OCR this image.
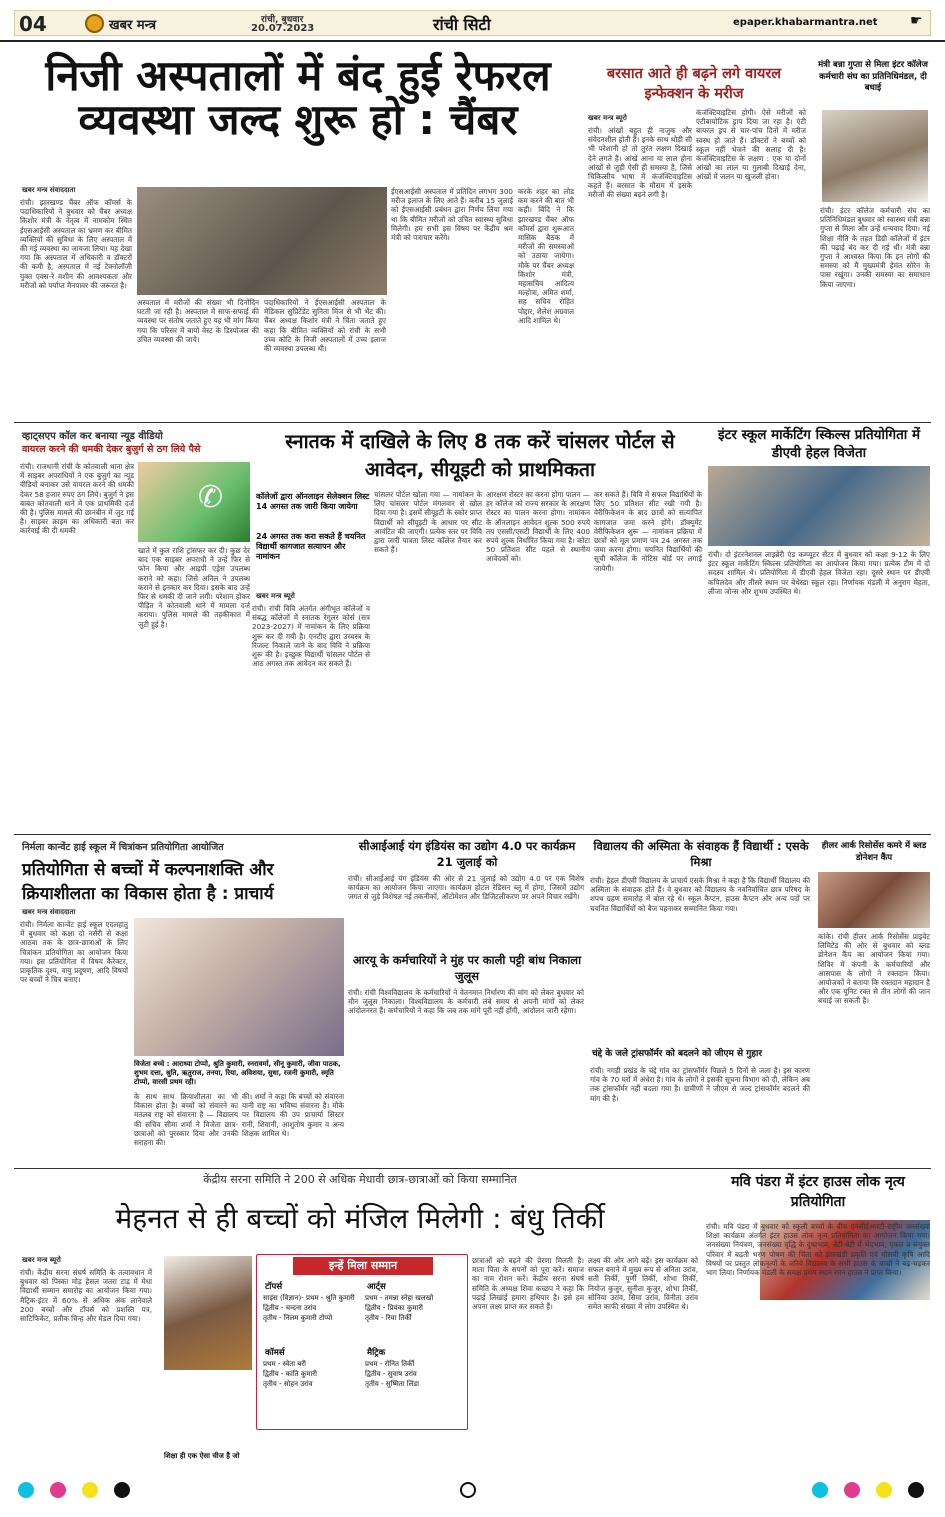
04	खबर मन्त्र	रांची, बुधवार
20.07.2023	रांची सिटी	epaper.khabarmantra.net ☛
निजी अस्पतालों में बंद हुई रेफरल व्यवस्था जल्द शुरू हो : चैंबर
खबर मन्त्र संवाददाता
रांची। झारखण्ड चैंबर ऑफ कॉमर्स के पदाधिकारियों ने बुधवार को चैंबर अध्यक्ष किशोर मंत्री के नेतृत्व में नामकोम स्थित ईएसआईसी अस्पताल का भ्रमण कर बीमित व्यक्तियों की सुविधा के लिए अस्पताल में की गई व्यवस्था का जायजा लिया। यह देखा गया कि अस्पताल में अधिकारी व डॉक्टरों की कमी है, अस्पताल में नई टेक्नोलॉजी युक्त एक्स-रे मशीन की आवश्यकता और मरीजों को पर्याप्त मैनपावर की जरूरत है।
अस्पताल में मरीजों की संख्या भी दिनोंदिन घटती जा रही है। अस्पताल में साफ-सफाई की व्यवस्था पर संतोष जताते हुए यह भी मांग किया गया कि परिसर में बायो वेस्ट के डिस्पोजल की उचित व्यवस्था की जाये।
पदाधिकारियों ने ईएसआईसी अस्पताल के मेडिकल सुप्रिटेंडेंट सुनिता मिंज से भी भेंट की। चैंबर अध्यक्ष किशोर मंत्री ने चिंता जताते हुए कहा कि बीमित व्यक्तियों को रांची के सभी उच्च कोटि के निजी अस्पतालों में उच्च इलाज की व्यवस्था उपलब्ध थी।
ईएसआईसी अस्पताल में प्रतिदिन लगभग 300 मरीज इलाज के लिए आते हैं। करीब 15 जुलाई को ईएसआईसी प्रबंधन द्वारा निर्णय लिया गया था कि बीमित मरीजों को उचित स्वास्थ्य सुविधा मिलेगी। हम सभी इस विषय पर केंद्रीय श्रम मंत्री को पत्राचार करेंगे।
करके शहर का लोड कम करने की बात भी कही। बिंदि ने कि झारखण्ड चैंबर ऑफ कॉमर्स द्वारा शुरूआत मासिक बैठक में मरीजों की समस्याओं को उठाया जायेगा। मौके पर चैंबर अध्यक्ष किशोर मंत्री, महासचिव आदित्य मल्होत्रा, अमित शर्मा, सह सचिव रोहित पोद्दार, शैलेश अग्रवाल आदि शामिल थे।
बरसात आते ही बढ़ने लगे वायरल इन्फेक्शन के मरीज
खबर मन्त्र ब्यूरो
रांची। आंखों बहुत ही नाजुक और संवेदनशील होती हैं। इनके साथ थोड़ी सी भी परेशानी हो तो तुरंत लक्षण दिखाई देने लगते हैं। आंखें आना या लाल होना आंखों से जुड़ी ऐसी ही समस्या है, जिसे चिकित्सीय भाषा में कंजंक्टिवाइटिस कहते हैं। बरसात के मौसम में इसके मरीजों की संख्या बढ़ने लगी है।
कंजंक्टिवाइटिस होगी। ऐसे मरीजों को एंटीबायोटिक ड्राप दिया जा रहा है। एंटी बायरल ड्रप से चार-पांच दिनों में मरीज स्वस्थ हो जाते हैं। डॉक्टरों ने बच्चों को स्कूल नहीं भेजने की सलाह दी है। कंजंक्टिवाइटिस के लक्षण : एक या दोनों आंखों का लाल या गुलाबी दिखाई देना, आंखों में जलन या खुजली होना।
मंत्री बन्ना गुप्ता से मिला इंटर कॉलेज कर्मचारी संघ का प्रतिनिधिमंडल, दी बधाई
रांची। इंटर कॉलेज कर्मचारी संघ का प्रतिनिधिमंडल बुधवार को स्वास्थ्य मंत्री बन्ना गुप्ता से मिला और उन्हें धन्यवाद दिया। नई शिक्षा नीति के तहत डिग्री कॉलेजों में इंटर की पढ़ाई बंद कर दी गई थी। मंत्री बन्ना गुप्ता ने आश्वस्त किया कि इन लोगों की समस्या को मैं मुख्यमंत्री हेमंत सोरेन के पास रखूंगा। उनकी समस्या का समाधान किया जाएगा।
व्हाट्सएप कॉल कर बनाया न्यूड वीडियो
वायरल करने की धमकी देकर बुजुर्ग से ठग लिये पैसे
रांची। राजधानी रांची के कोतवाली थाना क्षेत्र में साइबर अपराधियों ने एक बुजुर्ग का न्यूड वीडियो बनाकर उसे वायरल करने की धमकी देकर 58 हजार रुपए ठग लिये। बुजुर्ग ने इस बाबत कोतवाली थाने में एक प्राथमिकी दर्ज की है। पुलिस मामले की छानबीन में जुट गई है। साइबर क्राइम का अधिकारी बता कर कार्रवाई की दी धमकी
✆
खाते में कुल राशि ट्रांसफर कर दी। कुछ देर बाद एक साइबर अपराधी ने उन्हें फिर से फोन किया और आइपी एड्रेस उपलब्ध कराने को कहा। जिसे अनिल ने उपलब्ध कराने से इनकार कर दिया। इसके बाद उन्हें फिर से धमकी दी जाने लगी। परेशान होकर पीड़ित ने कोतवाली थाने में मामला दर्ज कराया। पुलिस मामले की तहकीकात में जुटी हुई है।
स्नातक में दाखिले के लिए 8 तक करें चांसलर पोर्टल से आवेदन, सीयूइटी को प्राथमिकता
कॉलेजों द्वारा ऑनलाइन सेलेक्शन लिस्ट 14 अगस्त तक जारी किया जायेगा
24 अगस्त तक करा सकते हैं चयनित विद्यार्थी कागजात सत्यापन और नामांकन
खबर मन्त्र ब्यूरो
रांची। रांची विवि अंतर्गत अंगीभूत कॉलेजों व संबद्ध कॉलेजों में स्नातक रेगुलर कोर्स (सत्र 2023-2027) में नामांकन के लिए प्रक्रिया शुरू कर दी गयी है। एनटीए द्वारा उच्चस्त्र के रिजल्ट निकाले जाने के बाद विवि ने प्रक्रिया शुरू की है। इच्छुक विद्यार्थी चांसलर पोर्टल से आठ अगस्त तक आवेदन कर सकते हैं।
चांसलर पोर्टल खोला गया — नामांकन के लिए चांसलर पोर्टल मंगलवार से खोल दिया गया है। इसमें सीयूइटी के स्कोर प्राप्त विद्यार्थी को सीयूइटी के आधार पर सीट आवंटित की जाएगी। प्रत्येक स्तर पर विवि द्वारा जारी पात्रता लिस्ट कॉलेज तैयार कर सकते हैं।
आरक्षण रोस्टर का करना होगा पालन — हर कॉलेज को राज्य सरकार के आरक्षण रोस्टर का पालन करना होगा। नामांकन के ऑनलाइन आवेदन शुल्क 500 रुपये तय एससी/एसटी विद्यार्थी के लिए 400 रुपये शुल्क निर्धारित किया गया है। कोटा 50 प्रतिशत सीट पहले से स्थानीय आवेदकों को।
कर सकते हैं। विवि में सफल विद्यार्थियों के लिए 50 प्रतिशत सीट रखी गयी है। वेरीफिकेशन के बाद छात्रों को सत्यापित कागजात जमा करने होंगे। डॉक्यूमेंट वेरीफिकेशन शुरू — नामांकन प्रक्रिया में छात्रों को मूल प्रमाण पत्र 24 अगस्त तक जमा करना होगा। चयनित विद्यार्थियों की सूची कॉलेज के नोटिस बोर्ड पर लगाई जायेगी।
इंटर स्कूल मार्केटिंग स्किल्स प्रतियोगिता में डीएवी हेहल विजेता
रांची। दो इंटरनेशनल लाइब्रेरी एंड कम्प्यूटर सेंटर में बुधवार को कक्षा 9-12 के लिए इंटर स्कूल मार्केटिंग स्किल्स प्रतियोगिता का आयोजन किया गया। प्रत्येक टीम में दो सदस्य शामिल थे। प्रतियोगिता में डीएवी हेहल विजेता रहा। दूसरे स्थान पर डीएवी कपिलदेव और तीसरे स्थान पर बेथेस्डा स्कूल रहा। निर्णायक मंडली में अनुराग मेहता, लीजा जोन्स और शुभम उपस्थित थे।
निर्मला कान्वेंट हाई स्कूल में चित्रांकन प्रतियोगिता आयोजित
प्रतियोगिता से बच्चों में कल्पनाशक्ति और क्रियाशीलता का विकास होता है : प्राचार्य
खबर मन्त्र संवाददाता
रांची। निर्मला कान्वेंट हाई स्कूल एदलहातु में बुधवार को कक्षा दो नर्सरी से कक्षा आठवा तक के छात्र-छात्राओं के लिए चित्रांकन प्रतियोगिता का आयोजन किया गया। इस प्रतियोगिता में विषय कैरेक्टर, प्राकृतिक दृश्य, वायु प्रदूषण, आदि विषयों पर बच्चों ने चित्र बनाए।
विजेता बच्चे : आराध्या टोप्पो, श्रुति कुमारी, स्नरावर्मा, सीनू कुमारी, जीवा पाठक, शुभम दत्ता, श्रुति, ऋतुराज, तनया, रिया, अविशया, सुधा, रजनी कुमारी, स्मृति टोप्पो, वारसी प्रथम रही।
के साथ साथ क्रियाशीलता का भी विकास होता है। बच्चों को संवारने का मतलब राष्ट्र को संवारना है — विद्यालय की सचिव सीमा शर्मा ने विजेता छात्र-छात्राओं को पुरस्कार दिया और उनकी सराहना की।
की। शर्मा ने कहा कि बच्चों को संवारना यानी राष्ट्र का भविष्य संवारना है। मौके पर विद्यालय की उप प्राचार्या सिस्टर रानी, शिवानी, आशुतोष कुमार व अन्य शिक्षक शामिल थे।
सीआईआई यंग इंडियंस का उद्योग 4.0 पर कार्यक्रम 21 जुलाई को
रांची। सीआईआई यंग इंडियंस की ओर से 21 जुलाई को उद्योग 4.0 पर एक विशेष कार्यक्रम का आयोजन किया जाएगा। कार्यक्रम होटल रेडिसन ब्लू में होगा, जिसमें उद्योग जगत से जुड़े विशेषज्ञ नई तकनीकों, ऑटोमेशन और डिजिटलीकरण पर अपने विचार रखेंगे।
आरयू के कर्मचारियों ने मुंह पर काली पट्टी बांध निकाला जुलूस
रांची। रांची विश्वविद्यालय के कर्मचारियों ने वेतनमान निर्धारण की मांग को लेकर बुधवार को मौन जुलूस निकाला। विश्वविद्यालय के कर्मचारी लंबे समय से अपनी मांगों को लेकर आंदोलनरत हैं। कर्मचारियों ने कहा कि जब तक मांगे पूरी नहीं होंगी, आंदोलन जारी रहेगा।
विद्यालय की अस्मिता के संवाहक हैं विद्यार्थी : एसके मिश्रा
रांची। हेहल डीएवी विद्यालय के प्राचार्य एसके मिश्रा ने कहा है कि विद्यार्थी विद्यालय की अस्मिता के संवाहक होते हैं। वे बुधवार को विद्यालय के नवनिर्वाचित छात्र परिषद के शपथ ग्रहण समारोह में बोल रहे थे। स्कूल कैप्टन, हाउस कैप्टन और अन्य पदों पर चयनित विद्यार्थियों को बैज पहनाकर सम्मानित किया गया।
चंद्दे के जले ट्रांसफॉर्मर को बदलने को जीएम से गुहार
रांची। नगड़ी प्रखंड के चंद्दे गांव का ट्रांसफॉर्मर पिछले 5 दिनों से जला है। इस कारण गांव के 70 घरों में अंधेरा है। गांव के लोगों ने इसकी सूचना विभाग को दी, लेकिन अब तक ट्रांसफॉर्मर नहीं बदला गया है। ग्रामीणों ने जीएम से जल्द ट्रांसफॉर्मर बदलने की मांग की है।
हीलर आर्क रिसोर्सेस कमरे में ब्लड डोनेशन कैंप
कांके। रांची हीलर आर्क रिसोर्सेस प्राइवेट लिमिटेड की ओर से बुधवार को ब्लड डोनेशन कैंप का आयोजन किया गया। शिविर में कंपनी के कर्मचारियों और आसपास के लोगों ने रक्तदान किया। आयोजकों ने बताया कि रक्तदान महादान है और एक यूनिट रक्त से तीन लोगों की जान बचाई जा सकती है।
केंद्रीय सरना समिति ने 200 से अधिक मेधावी छात्र-छात्राओं को किया सम्मानित
मेहनत से ही बच्चों को मंजिल मिलेगी : बंधु तिर्की
खबर मन्त्र ब्यूरो
रांची। केंद्रीय सरना संघर्ष समिति के तत्वावधान में बुधवार को पिस्का मोड़ हेसल जतरा टाड़ में मेधा विद्यार्थी सम्मान समारोह का आयोजन किया गया। मैट्रिक-इंटर में 60% से अधिक अंक लानेवाले 200 बच्चों और टॉपर्स को प्रशस्ति पत्र, साटिफिकेट, प्रतीक चिन्ह और मेडल दिया गया।
इन्हें मिला सम्मान
टॉपर्स
साइंस (विज्ञान)- प्रथम - श्रुति कुमारी
द्वितीय - चन्दना उरांव
तृतीय - निलम कुमारी टोप्पो
कॉमर्स
प्रथम - स्वेता बरी
द्वितीय - कांति कुमारी
तृतीय - सोहन उरांव
आर्ट्स
प्रथम - तमन्ना स्नेहा खलखो
द्वितीय - प्रियंका कुमारी
तृतीय - रिया तिर्की
मैट्रिक
प्रथम - रोनित तिर्की
द्वितीय - सुवाष उरांव
तृतीय - सुष्मिता लिंडा
शिक्षा ही एक ऐसा चीज है जो
छात्राओं को बढ़ने की प्रेरणा मिलती है। माता पिता के सपनों को पूरा करें। समाज का नाम रोशन करें। केंद्रीय सरना संघर्ष समिति के अध्यक्ष शिवा कच्छप ने कहा कि पढ़ाई लिखाई हमारा हथियार है। इसे हम अपना लक्ष्य प्राप्त कर सकते हैं।
लक्ष्य की ओर आगे बढ़ें। इस कार्यक्रम को सफल बनाने में मुख्य रूप से अनिता उरांव, सती तिर्की, पूर्णी तिर्की, शोभा तिर्की, नियोज कुजुर, सुनीता कुजुर, शोभा तिर्की, सोनिया उरांव, सिमा उरांव, विनीता उरांव समेत काफी संख्या में लोग उपस्थित थे।
मवि पंडरा में इंटर हाउस लोक नृत्य प्रतियोगिता
रांची। मवि पंडरा में बुधवार को स्कूली बच्चों के बीच एनसीईआरटी-राष्ट्रीय जनसंख्या शिक्षा कार्यक्रम अंतर्गत इंटर हाउस लोक नृत्य प्रतियोगिता का आयोजन किया गया। जनसंख्या नियंत्रण, जनसंख्या वृद्धि के दुष्प्रभाव, बेटी-बेटी में भेदभाव, एकल व संयुक्त परिवार में बढ़ती भरण पोषण की चिंता को झारखंडी प्रकृति एवं मौसमी कृषि आदि विषयों पर प्रस्तुत लोकनृत्यों के जरिये विद्यालय के सभी हाउस के बच्चों ने बढ़-चढ़कर भाग लिया। निर्णायक मंडली के समक्ष प्रथम स्थान रमन हाउस ने प्राप्त किया।
